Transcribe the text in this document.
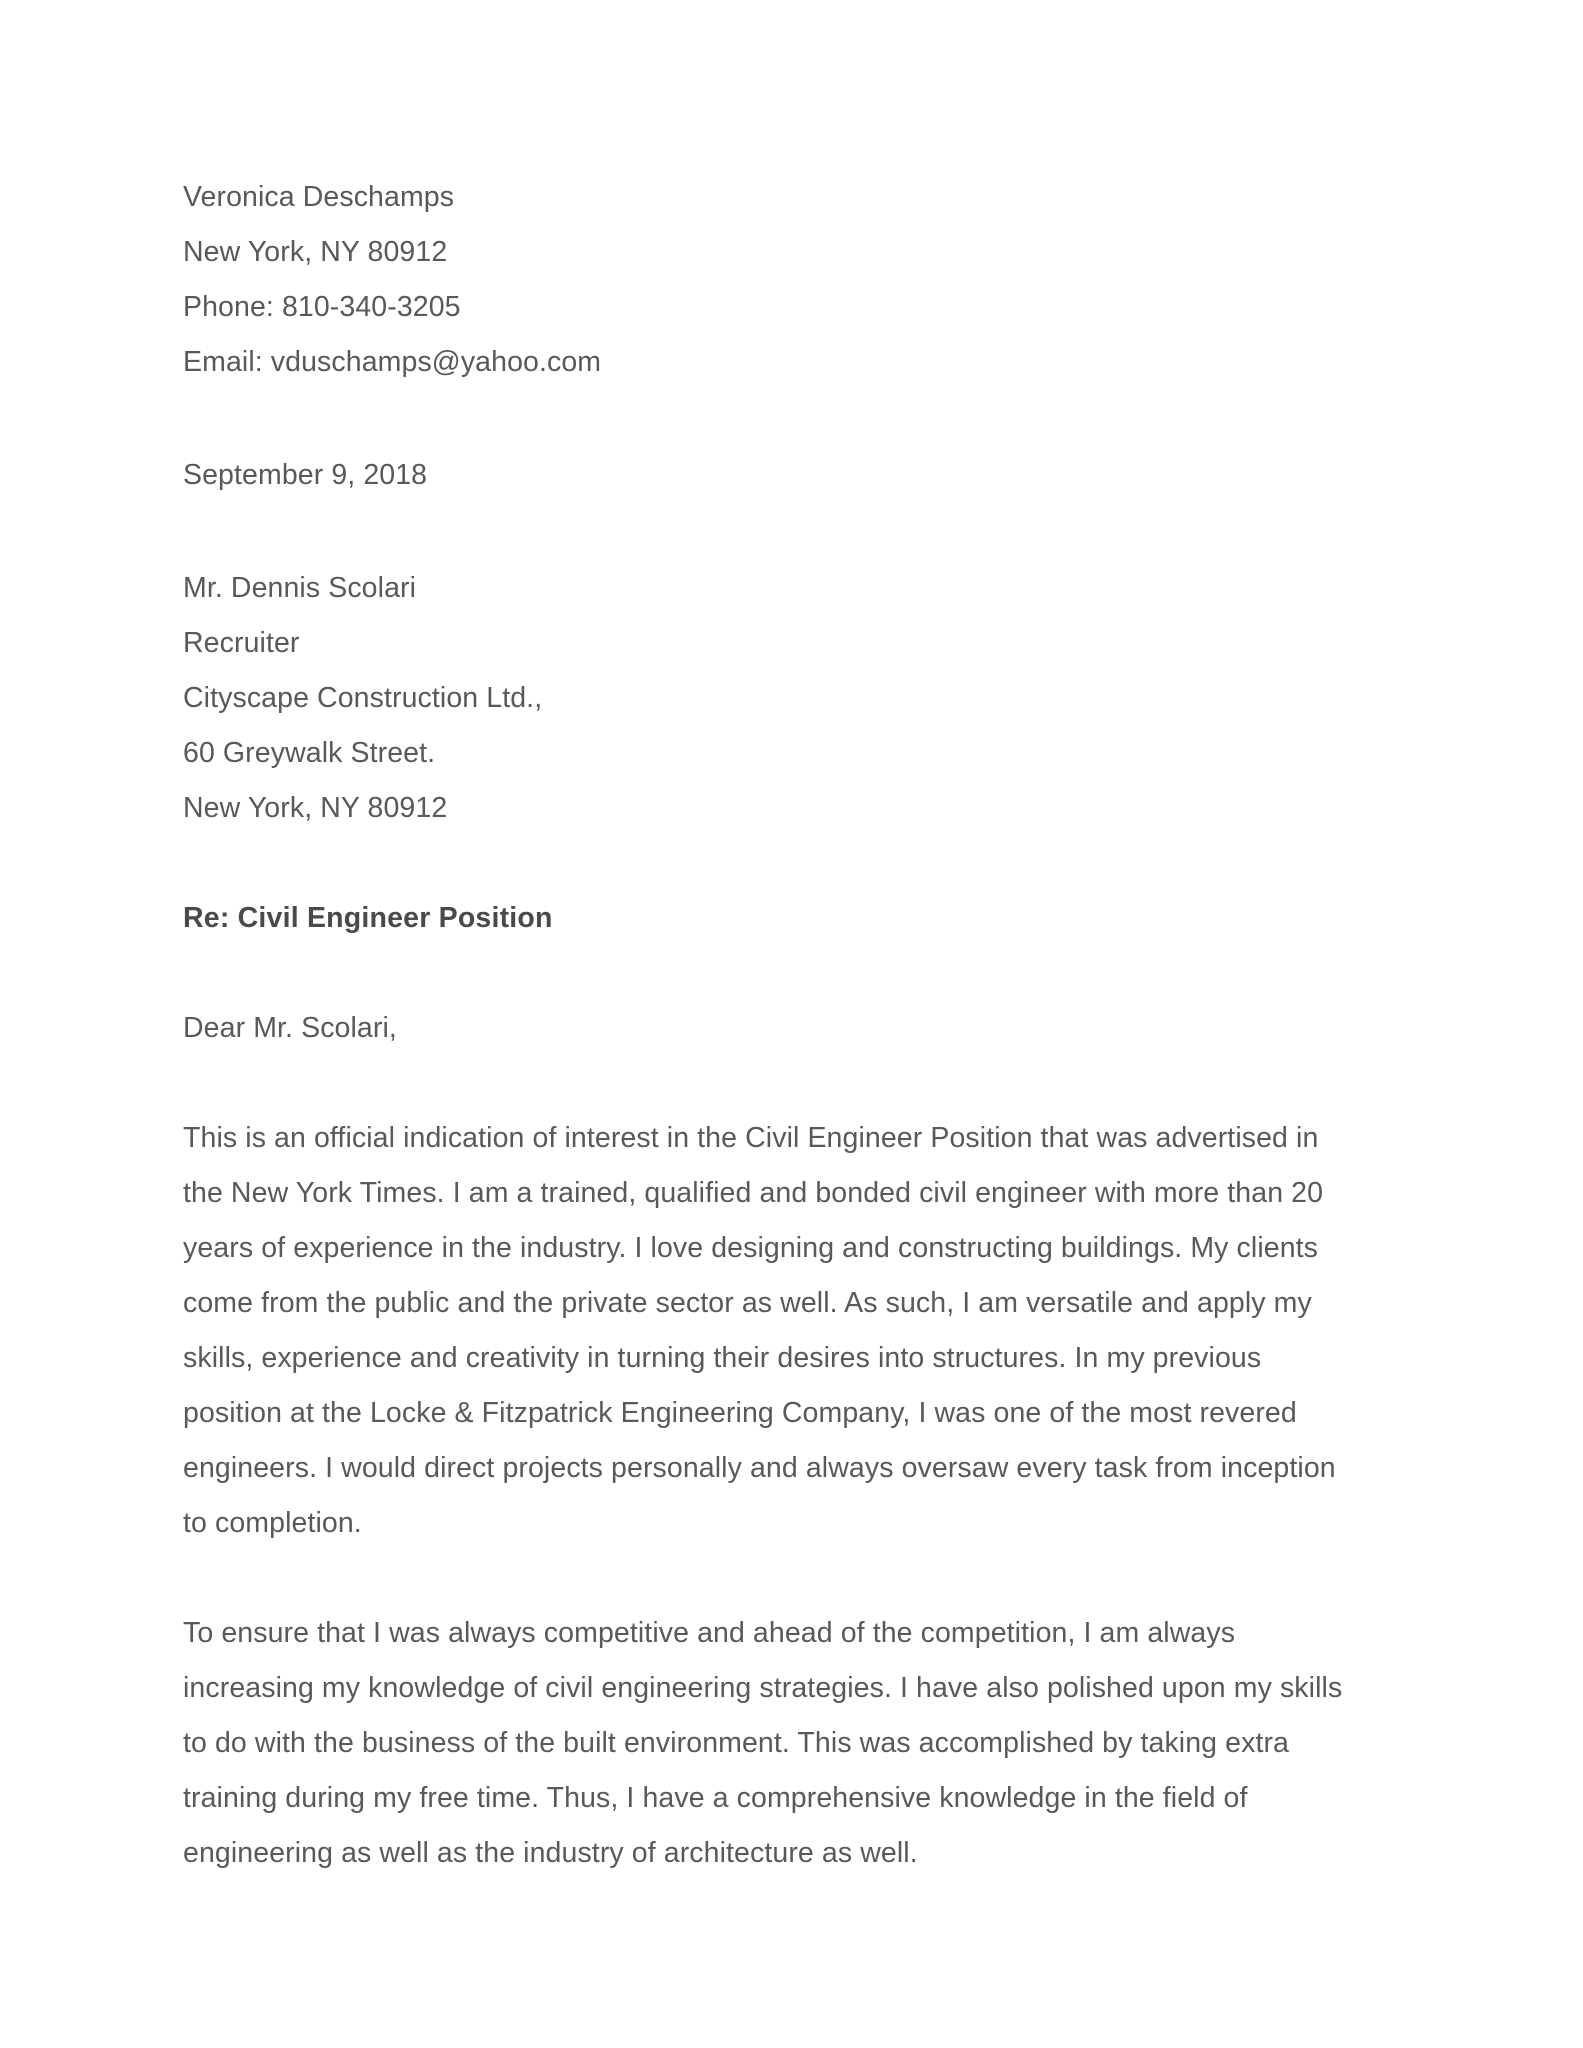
Veronica Deschamps
New York, NY 80912
Phone: 810-340-3205
Email: vduschamps@yahoo.com
September 9, 2018
Mr. Dennis Scolari
Recruiter
Cityscape Construction Ltd.,
60 Greywalk Street.
New York, NY 80912
Re: Civil Engineer Position
Dear Mr. Scolari,

This is an official indication of interest in the Civil Engineer Position that was advertised in the New York Times. I am a trained, qualified and bonded civil engineer with more than 20 years of experience in the industry. I love designing and constructing buildings. My clients come from the public and the private sector as well. As such, I am versatile and apply my skills, experience and creativity in turning their desires into structures. In my previous position at the Locke & Fitzpatrick Engineering Company, I was one of the most revered engineers. I would direct projects personally and always oversaw every task from inception to completion.

To ensure that I was always competitive and ahead of the competition, I am always increasing my knowledge of civil engineering strategies. I have also polished upon my skills to do with the business of the built environment. This was accomplished by taking extra training during my free time. Thus, I have a comprehensive knowledge in the field of engineering as well as the industry of architecture as well.
